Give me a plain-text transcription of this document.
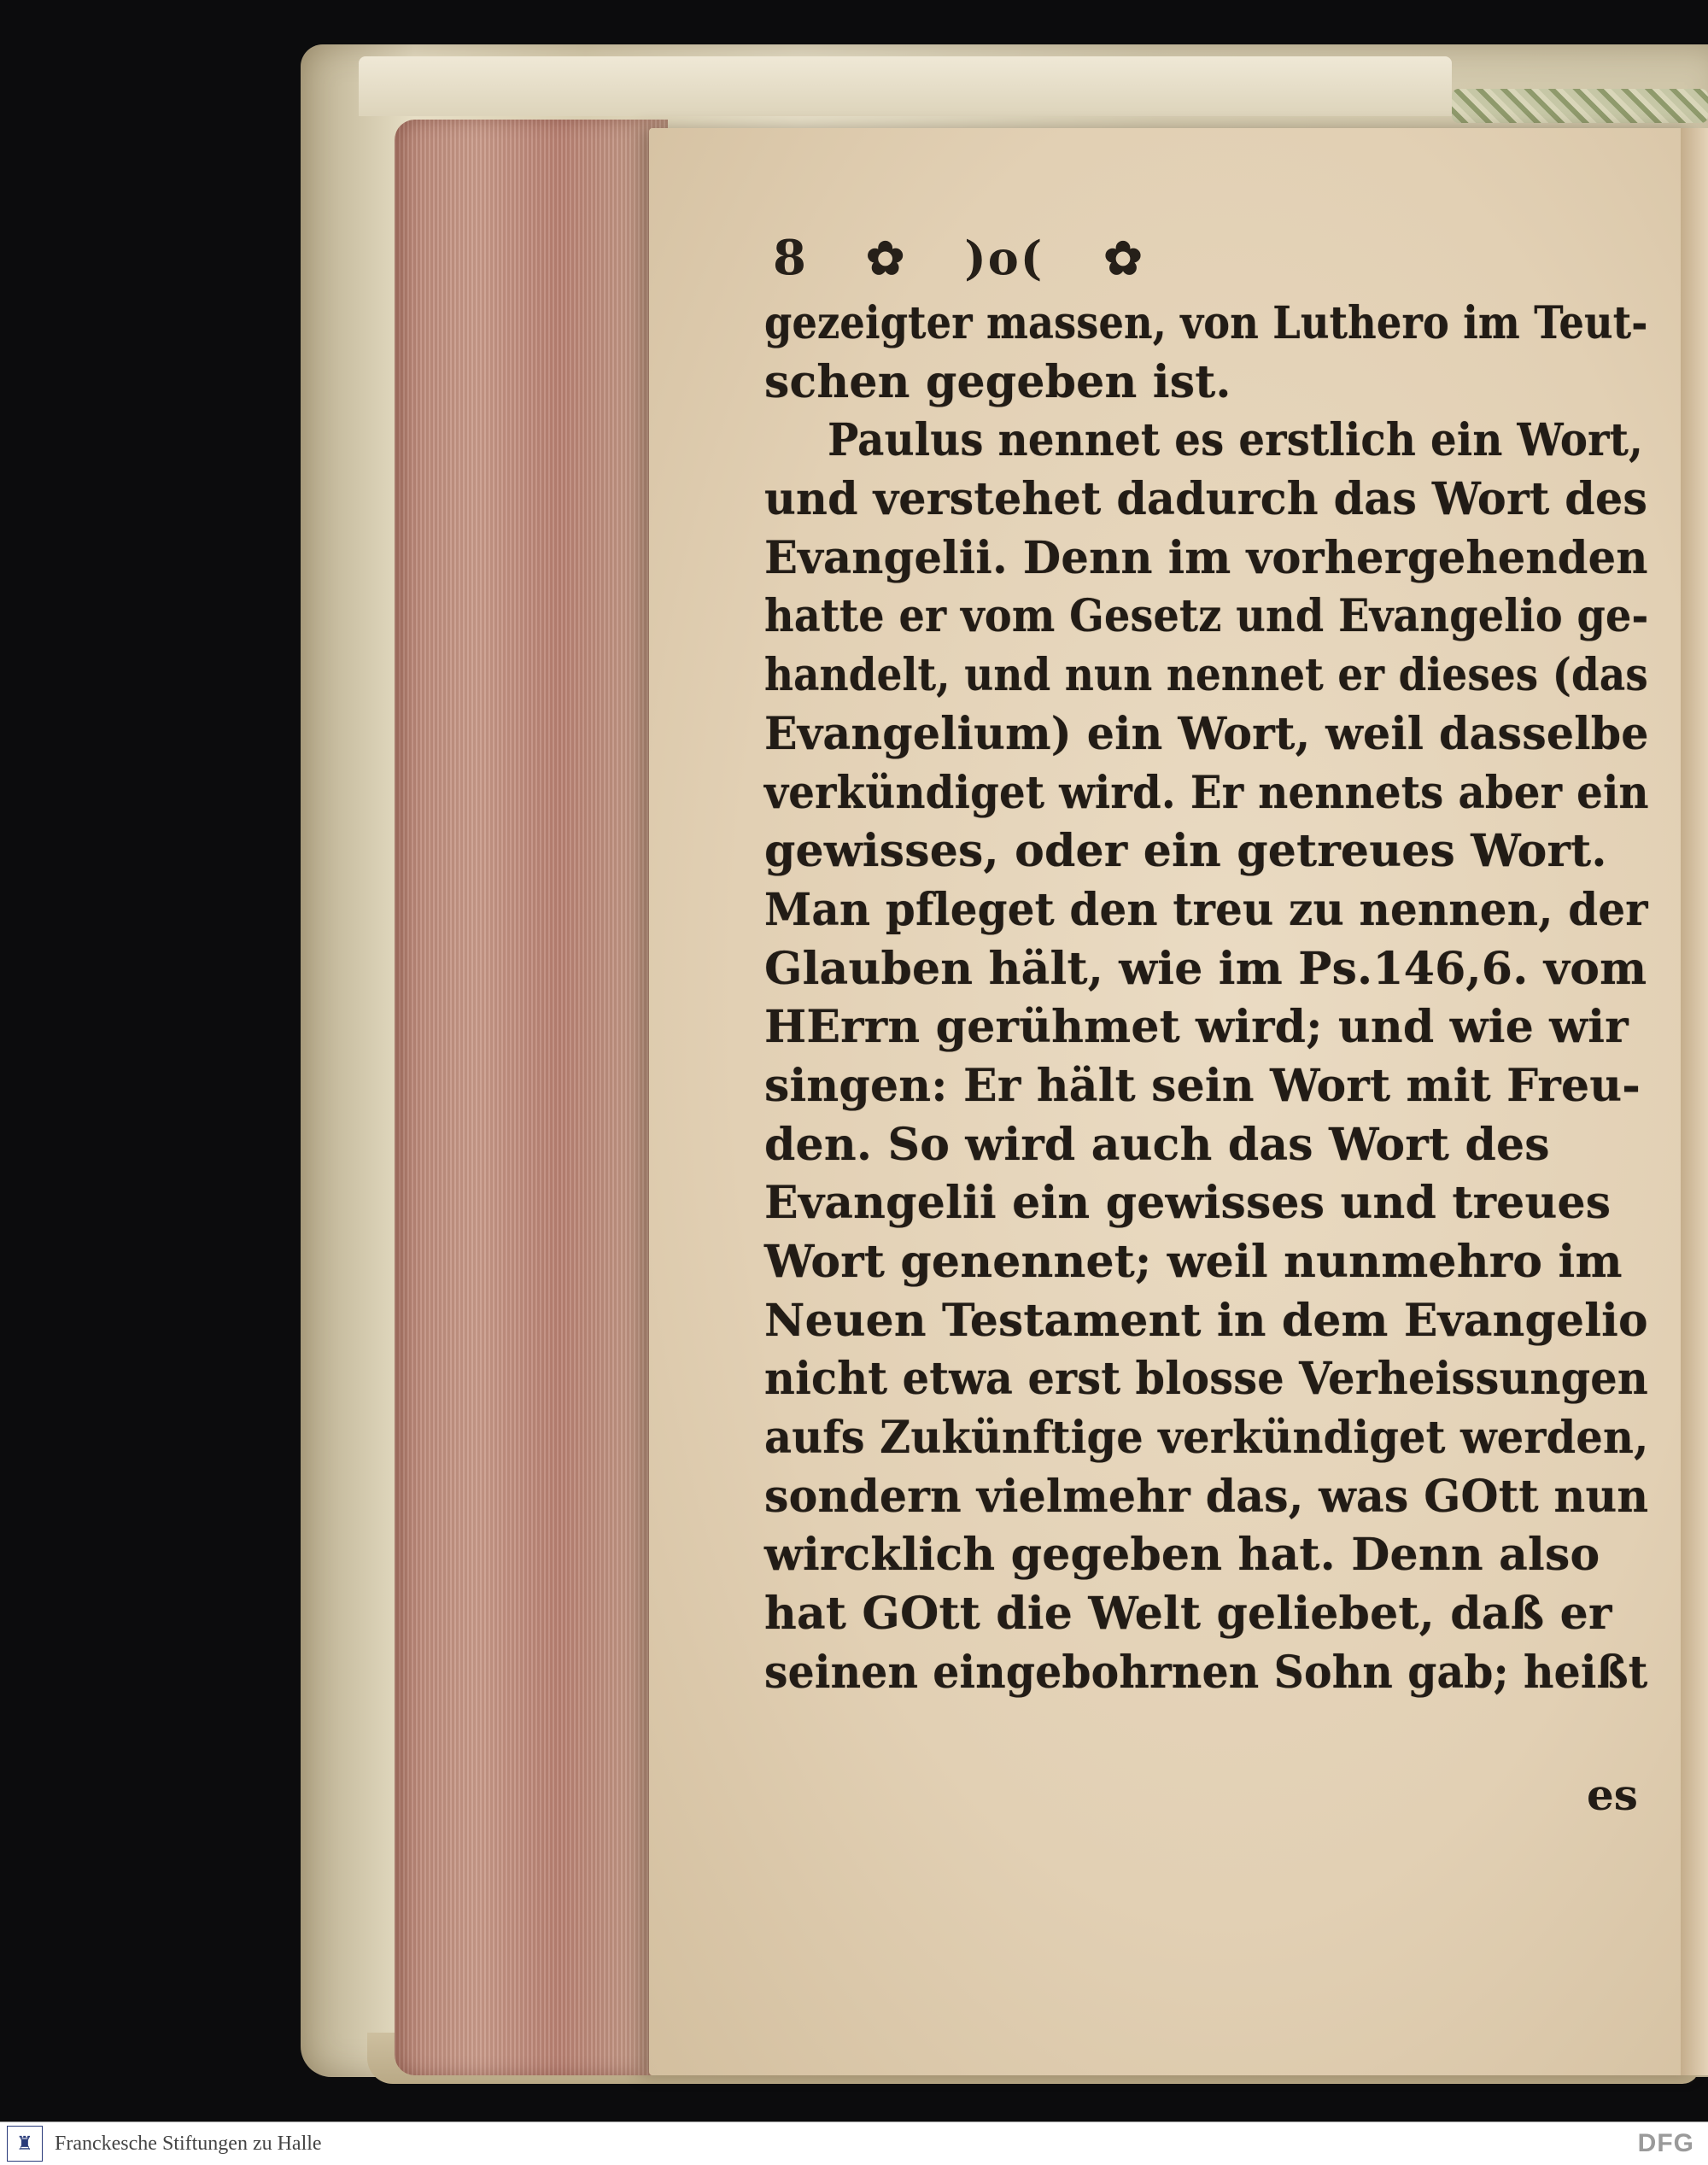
8 ✿ )o( ✿
gezeigter massen, von Luthero im Teut-
schen gegeben ist.
Paulus nennet es erstlich ein Wort,
und verstehet dadurch das Wort des
Evangelii. Denn im vorhergehenden
hatte er vom Gesetz und Evangelio ge-
handelt, und nun nennet er dieses (das
Evangelium) ein Wort, weil dasselbe
verkündiget wird. Er nennets aber ein
gewisses, oder ein getreues Wort.
Man pfleget den treu zu nennen, der
Glauben hält, wie im Ps.146,6. vom
HErrn gerühmet wird; und wie wir
singen: Er hält sein Wort mit Freu-
den. So wird auch das Wort des
Evangelii ein gewisses und treues
Wort genennet; weil nunmehro im
Neuen Testament in dem Evangelio
nicht etwa erst blosse Verheissungen
aufs Zukünftige verkündiget werden,
sondern vielmehr das, was GOtt nun
wircklich gegeben hat. Denn also
hat GOtt die Welt geliebet, daß er
seinen eingebohrnen Sohn gab; heißt
es
♜	Franckesche Stiftungen zu Halle	DFG
